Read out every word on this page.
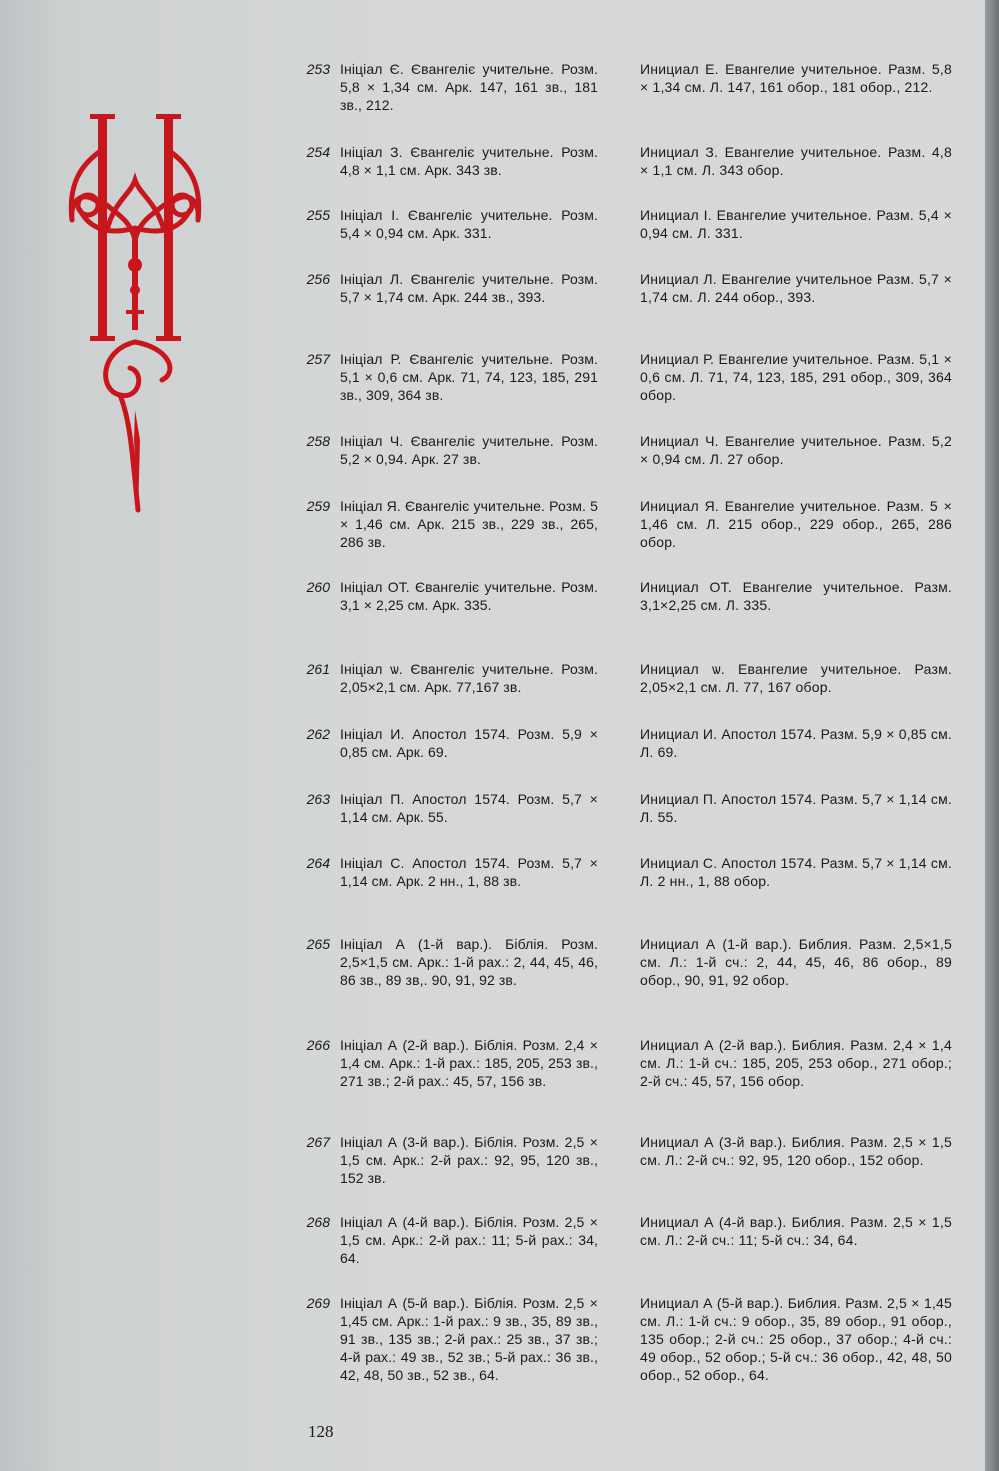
253 Ініціал Є. Євангеліє учительне. Розм. 5,8 × 1,34 см. Арк. 147, 161 зв., 181 зв., 212.
Инициал Е. Евангелие учительное. Разм. 5,8 × 1,34 см. Л. 147, 161 обор., 181 обор., 212.
254 Ініціал З. Євангеліє учительне. Розм. 4,8 × 1,1 см. Арк. 343 зв.
Инициал З. Евангелие учительное. Разм. 4,8 × 1,1 см. Л. 343 обор.
255 Ініціал І. Євангеліє учительне. Розм. 5,4 × 0,94 см. Арк. 331.
Инициал І. Евангелие учительное. Разм. 5,4 × 0,94 см. Л. 331.
256 Ініціал Л. Євангеліє учительне. Розм. 5,7 × 1,74 см. Арк. 244 зв., 393.
Инициал Л. Евангелие учительное Разм. 5,7 × 1,74 см. Л. 244 обор., 393.
257 Ініціал Р. Євангеліє учительне. Розм. 5,1 × 0,6 см. Арк. 71, 74, 123, 185, 291 зв., 309, 364 зв.
Инициал Р. Евангелие учительное. Разм. 5,1 × 0,6 см. Л. 71, 74, 123, 185, 291 обор., 309, 364 обор.
258 Ініціал Ч. Євангеліє учительне. Розм. 5,2 × 0,94. Арк. 27 зв.
Инициал Ч. Евангелие учительное. Разм. 5,2 × 0,94 см. Л. 27 обор.
259 Ініціал Я. Євангеліє учительне. Розм. 5 × 1,46 см. Арк. 215 зв., 229 зв., 265, 286 зв.
Инициал Я. Евангелие учительное. Разм. 5 × 1,46 см. Л. 215 обор., 229 обор., 265, 286 обор.
260 Ініціал ОТ. Євангеліє учительне. Розм. 3,1 × 2,25 см. Арк. 335.
Инициал ОТ. Евангелие учительное. Разм. 3,1×2,25 см. Л. 335.
261 Ініціал ѡ. Євангеліє учительне. Розм. 2,05×2,1 см. Арк. 77,167 зв.
Инициал ѡ. Евангелие учительное. Разм. 2,05×2,1 см. Л. 77, 167 обор.
262 Ініціал И. Апостол 1574. Розм. 5,9 × 0,85 см. Арк. 69.
Инициал И. Апостол 1574. Разм. 5,9 × 0,85 см. Л. 69.
263 Ініціал П. Апостол 1574. Розм. 5,7 × 1,14 см. Арк. 55.
Инициал П. Апостол 1574. Разм. 5,7 × 1,14 см. Л. 55.
264 Ініціал С. Апостол 1574. Розм. 5,7 × 1,14 см. Арк. 2 нн., 1, 88 зв.
Инициал С. Апостол 1574. Разм. 5,7 × 1,14 см. Л. 2 нн., 1, 88 обор.
265 Ініціал А (1-й вар.). Біблія. Розм. 2,5×1,5 см. Арк.: 1-й рах.: 2, 44, 45, 46, 86 зв., 89 зв,. 90, 91, 92 зв.
Инициал А (1-й вар.). Библия. Разм. 2,5×1,5 см. Л.: 1-й сч.: 2, 44, 45, 46, 86 обор., 89 обор., 90, 91, 92 обор.
266 Ініціал А (2-й вар.). Біблія. Розм. 2,4 × 1,4 см. Арк.: 1-й рах.: 185, 205, 253 зв., 271 зв.; 2-й рах.: 45, 57, 156 зв.
Инициал А (2-й вар.). Библия. Разм. 2,4 × 1,4 см. Л.: 1-й сч.: 185, 205, 253 обор., 271 обор.; 2-й сч.: 45, 57, 156 обор.
267 Ініціал А (3-й вар.). Біблія. Розм. 2,5 × 1,5 см. Арк.: 2-й рах.: 92, 95, 120 зв., 152 зв.
Инициал А (3-й вар.). Библия. Разм. 2,5 × 1,5 см. Л.: 2-й сч.: 92, 95, 120 обор., 152 обор.
268 Ініціал А (4-й вар.). Біблія. Розм. 2,5 × 1,5 см. Арк.: 2-й рах.: 11; 5-й рах.: 34, 64.
Инициал А (4-й вар.). Библия. Разм. 2,5 × 1,5 см. Л.: 2-й сч.: 11; 5-й сч.: 34, 64.
269 Ініціал А (5-й вар.). Біблія. Розм. 2,5 × 1,45 см. Арк.: 1-й рах.: 9 зв., 35, 89 зв., 91 зв., 135 зв.; 2-й рах.: 25 зв., 37 зв.; 4-й рах.: 49 зв., 52 зв.; 5-й рах.: 36 зв., 42, 48, 50 зв., 52 зв., 64.
Инициал А (5-й вар.). Библия. Разм. 2,5 × 1,45 см. Л.: 1-й сч.: 9 обор., 35, 89 обор., 91 обор., 135 обор.; 2-й сч.: 25 обор., 37 обор.; 4-й сч.: 49 обор., 52 обор.; 5-й сч.: 36 обор., 42, 48, 50 обор., 52 обор., 64.
128
